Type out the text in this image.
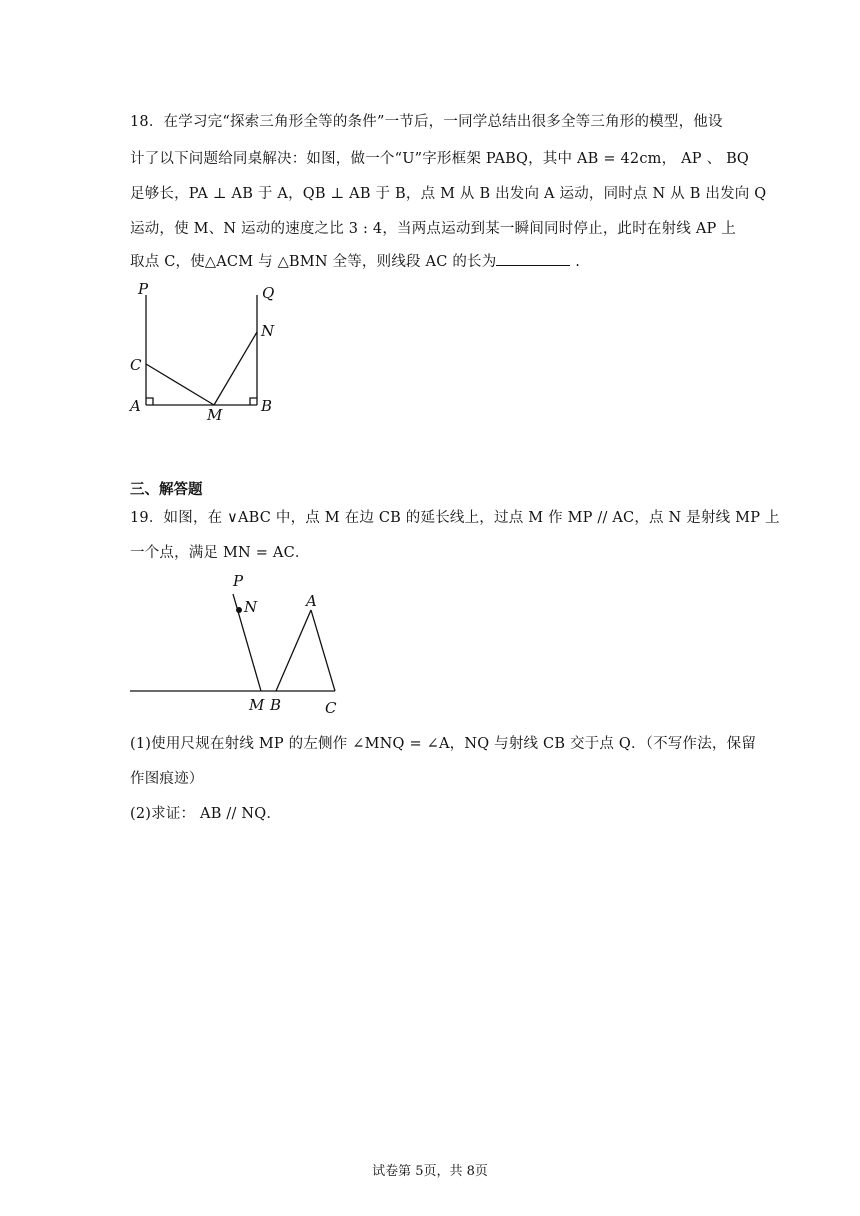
18．在学习完“探索三角形全等的条件”一节后，一同学总结出很多全等三角形的模型，他设
计了以下问题给同桌解决：如图，做一个“U”字形框架 PABQ，其中 AB = 42cm， AP 、 BQ
足够长，PA ⊥ AB 于 A，QB ⊥ AB 于 B，点 M 从 B 出发向 A 运动，同时点 N 从 B 出发向 Q
运动，使 M、N 运动的速度之比 3 : 4，当两点运动到某一瞬间同时停止，此时在射线 AP 上
取点 C，使△ACM 与 △BMN 全等，则线段 AC 的长为	.
P	Q
N
C
A	M	B
三、解答题
19．如图，在 ∨ABC 中，点 M 在边 CB 的延长线上，过点 M 作 MP // AC，点 N 是射线 MP 上
一个点，满足 MN = AC．
P
N	A
M B	C
(1)使用尺规在射线 MP 的左侧作 ∠MNQ = ∠A，NQ 与射线 CB 交于点 Q．（不写作法，保留
作图痕迹）
(2)求证： AB // NQ．
试卷第 5页，共 8页
